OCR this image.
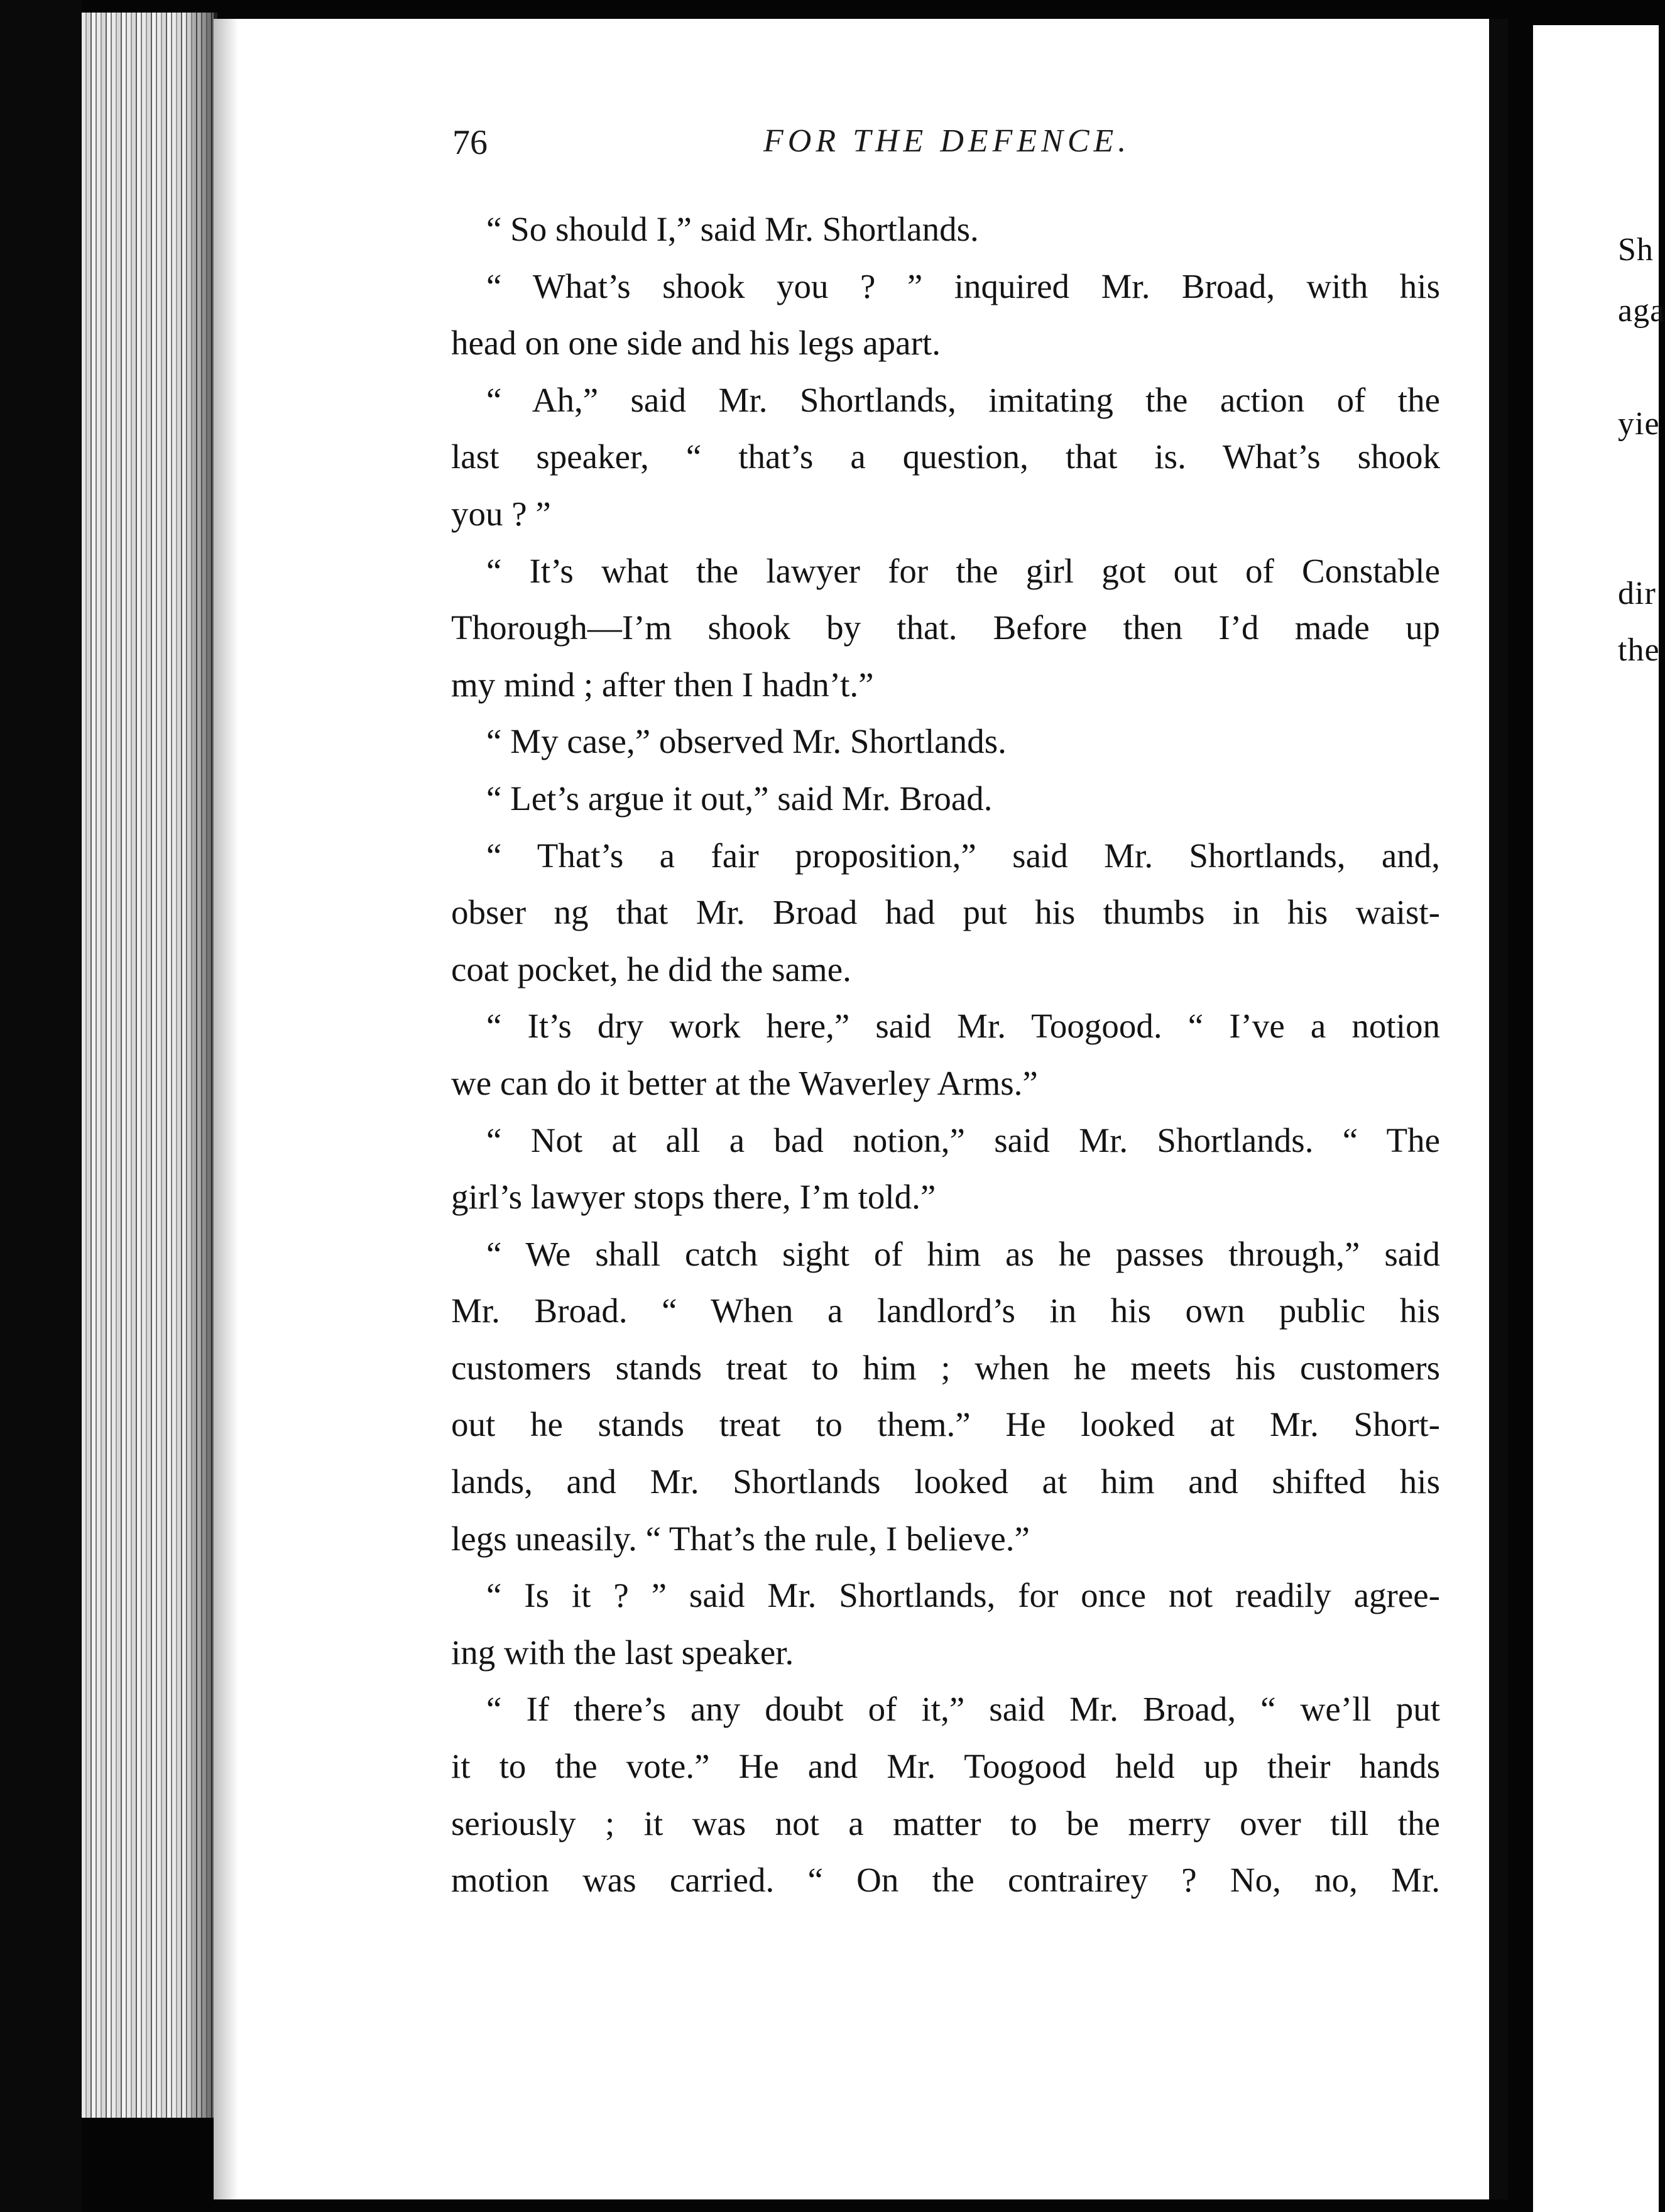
76	FOR THE DEFENCE.
“ So should I,” said Mr. Shortlands.
“ What’s shook you ? ” inquired Mr. Broad, with his
head on one side and his legs apart.
“ Ah,” said Mr. Shortlands, imitating the action of the
last speaker, “ that’s a question, that is. What’s shook
you ? ”
“ It’s what the lawyer for the girl got out of Constable
Thorough—I’m shook by that. Before then I’d made up
my mind ; after then I hadn’t.”
“ My case,” observed Mr. Shortlands.
“ Let’s argue it out,” said Mr. Broad.
“ That’s a fair proposition,” said Mr. Shortlands, and,
obser ng that Mr. Broad had put his thumbs in his waist-
coat pocket, he did the same.
“ It’s dry work here,” said Mr. Toogood. “ I’ve a notion
we can do it better at the Waverley Arms.”
“ Not at all a bad notion,” said Mr. Shortlands. “ The
girl’s lawyer stops there, I’m told.”
“ We shall catch sight of him as he passes through,” said
Mr. Broad. “ When a landlord’s in his own public his
customers stands treat to him ; when he meets his customers
out he stands treat to them.” He looked at Mr. Short-
lands, and Mr. Shortlands looked at him and shifted his
legs uneasily. “ That’s the rule, I believe.”
“ Is it ? ” said Mr. Shortlands, for once not readily agree-
ing with the last speaker.
“ If there’s any doubt of it,” said Mr. Broad, “ we’ll put
it to the vote.” He and Mr. Toogood held up their hands
seriously ; it was not a matter to be merry over till the
motion was carried. “ On the contrairey ? No, no, Mr.
Sh
aga
yie
dir
the
